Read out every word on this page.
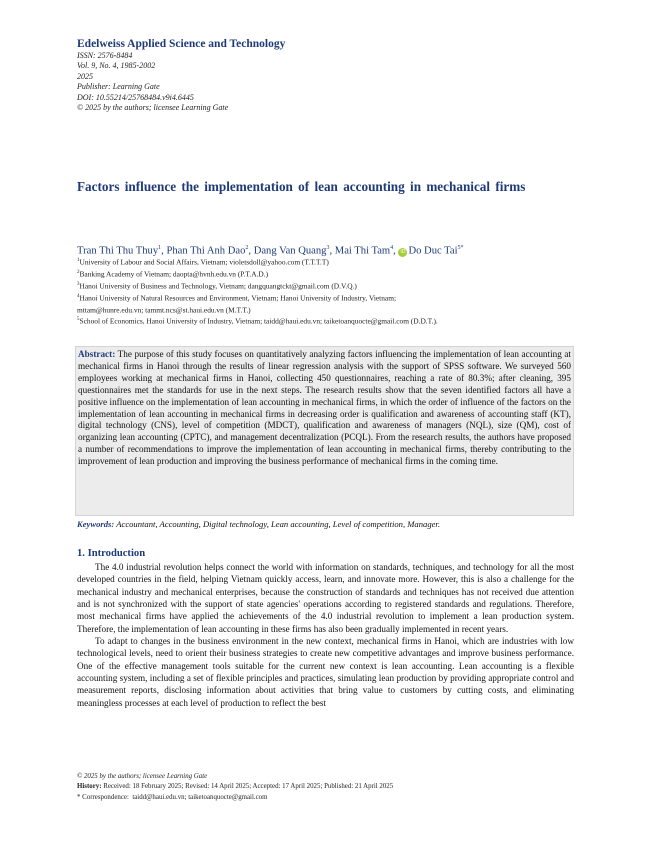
Edelweiss Applied Science and Technology
ISSN: 2576-8484
Vol. 9, No. 4, 1985-2002
2025
Publisher: Learning Gate
DOI: 10.55214/25768484.v9i4.6445
© 2025 by the authors; licensee Learning Gate
Factors influence the implementation of lean accounting in mechanical firms
Tran Thi Thu Thuy$^1$, Phan Thi Anh Dao$^2$, Dang Van Quang$^3$, Mai Thi Tam$^4$, iD Do Duc Tai$^{5*}$
$^1$University of Labour and Social Affairs, Vietnam; violetsdoll@yahoo.com (T.T.T.T)
$^2$Banking Academy of Vietnam; daopta@hvnh.edu.vn (P.T.A.D.)
$^3$Hanoi University of Business and Technology, Vietnam; dangquangtckt@gmail.com (D.V.Q.)
$^4$Hanoi University of Natural Resources and Environment, Vietnam; Hanoi University of Industry, Vietnam;
mttam@hunre.edu.vn; tammt.ncs@st.haui.edu.vn (M.T.T.)
$^5$School of Economics, Hanoi University of Industry, Vietnam; taidd@haui.edu.vn; taiketoanquocte@gmail.com (D.D.T.).
Abstract: The purpose of this study focuses on quantitatively analyzing factors influencing the implementation of lean accounting at mechanical firms in Hanoi through the results of linear regression analysis with the support of SPSS software. We surveyed 560 employees working at mechanical firms in Hanoi, collecting 450 questionnaires, reaching a rate of 80.3%; after cleaning, 395 questionnaires met the standards for use in the next steps. The research results show that the seven identified factors all have a positive influence on the implementation of lean accounting in mechanical firms, in which the order of influence of the factors on the implementation of lean accounting in mechanical firms in decreasing order is qualification and awareness of accounting staff (KT), digital technology (CNS), level of competition (MDCT), qualification and awareness of managers (NQL), size (QM), cost of organizing lean accounting (CPTC), and management decentralization (PCQL). From the research results, the authors have proposed a number of recommendations to improve the implementation of lean accounting in mechanical firms, thereby contributing to the improvement of lean production and improving the business performance of mechanical firms in the coming time.
Keywords: Accountant, Accounting, Digital technology, Lean accounting, Level of competition, Manager.
1. Introduction

The 4.0 industrial revolution helps connect the world with information on standards, techniques, and technology for all the most developed countries in the field, helping Vietnam quickly access, learn, and innovate more. However, this is also a challenge for the mechanical industry and mechanical enterprises, because the construction of standards and techniques has not received due attention and is not synchronized with the support of state agencies' operations according to registered standards and regulations. Therefore, most mechanical firms have applied the achievements of the 4.0 industrial revolution to implement a lean production system. Therefore, the implementation of lean accounting in these firms has also been gradually implemented in recent years.

To adapt to changes in the business environment in the new context, mechanical firms in Hanoi, which are industries with low technological levels, need to orient their business strategies to create new competitive advantages and improve business performance. One of the effective management tools suitable for the current new context is lean accounting. Lean accounting is a flexible accounting system, including a set of flexible principles and practices, simulating lean production by providing appropriate control and measurement reports, disclosing information about activities that bring value to customers by cutting costs, and eliminating meaningless processes at each level of production to reflect the best

© 2025 by the authors; licensee Learning Gate
History: Received: 18 February 2025; Revised: 14 April 2025; Accepted: 17 April 2025; Published: 21 April 2025
* Correspondence: taidd@haui.edu.vn; taiketoanquocte@gmail.com
